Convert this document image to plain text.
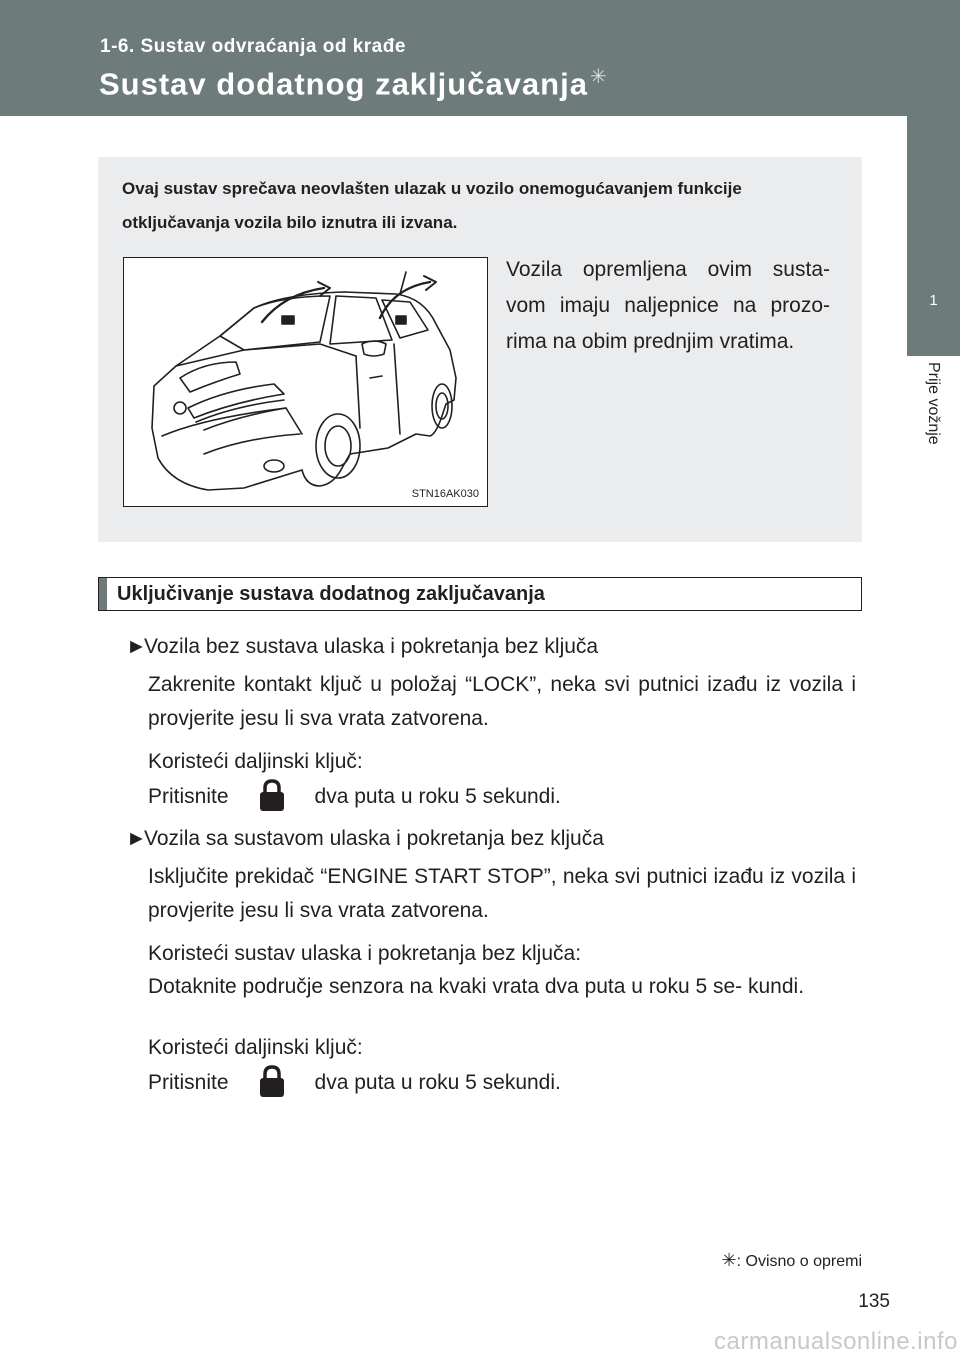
1-6. Sustav odvraćanja od krađe
Sustav dodatnog zaključavanja ✳
1
Prije vožnje
Ovaj sustav sprečava neovlašten ulazak u vozilo onemogućavanjem funkcije otključavanja vozila bilo iznutra ili izvana.
STN16AK030
Vozila opremljena ovim susta- vom imaju naljepnice na prozo- rima na obim prednjim vratima.
Uključivanje sustava dodatnog zaključavanja
►Vozila bez sustava ulaska i pokretanja bez ključa
Zakrenite kontakt ključ u položaj “LOCK”, neka svi putnici izađu iz vozila i provjerite jesu li sva vrata zatvorena.
Koristeći daljinski ključ:
Pritisnite	dva puta u roku 5 sekundi.
►Vozila sa sustavom ulaska i pokretanja bez ključa
Isključite prekidač “ENGINE START STOP”, neka svi putnici izađu iz vozila i provjerite jesu li sva vrata zatvorena.
Koristeći sustav ulaska i pokretanja bez ključa:
Dotaknite područje senzora na kvaki vrata dva puta u roku 5 se- kundi.
Koristeći daljinski ključ:
Pritisnite	dva puta u roku 5 sekundi.
✳: Ovisno o opremi
135
carmanualsonline.info
